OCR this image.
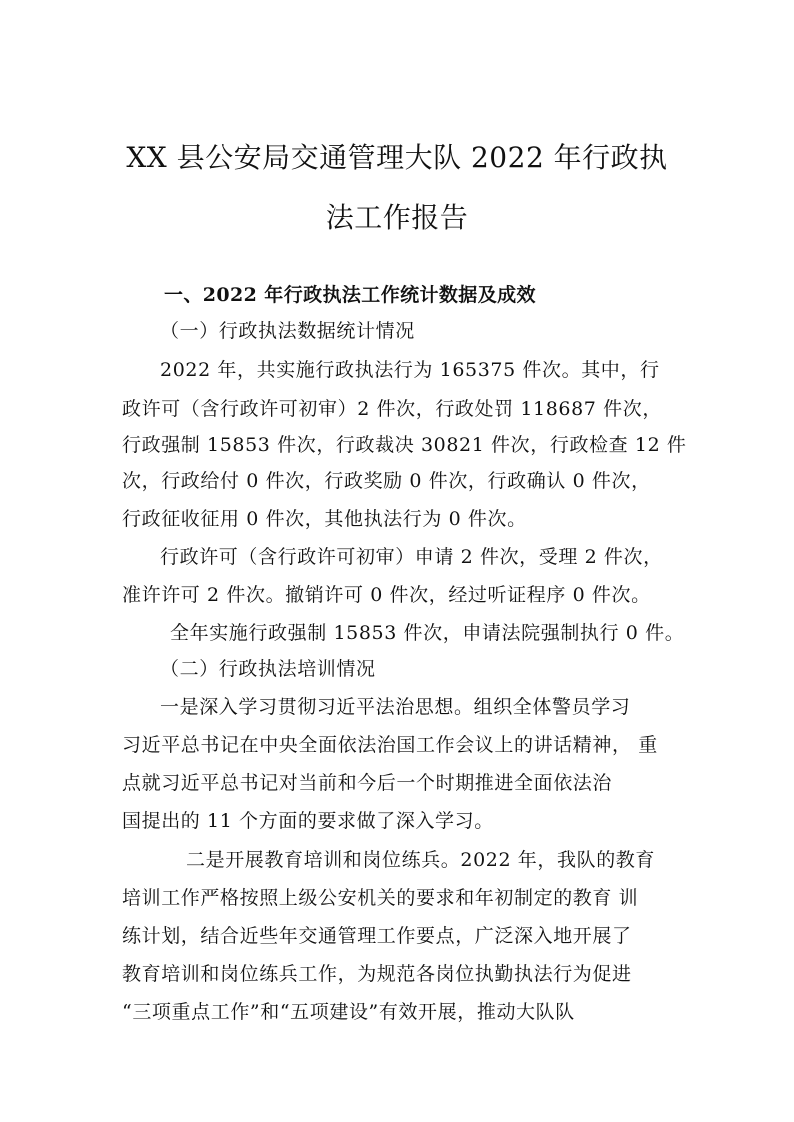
XX 县公安局交通管理大队 2022 年行政执
法工作报告
一、2022 年行政执法工作统计数据及成效
（一）行政执法数据统计情况
2022 年，共实施行政执法行为 165375 件次。其中，行
政许可（含行政许可初审）2 件次，行政处罚 118687 件次，
行政强制 15853 件次，行政裁决 30821 件次，行政检查 12 件
次，行政给付 0 件次，行政奖励 0 件次，行政确认 0 件次，
行政征收征用 0 件次，其他执法行为 0 件次。
行政许可（含行政许可初审）申请 2 件次，受理 2 件次，
准许许可 2 件次。撤销许可 0 件次，经过听证程序 0 件次。
全年实施行政强制 15853 件次，申请法院强制执行 0 件。
（二）行政执法培训情况
一是深入学习贯彻习近平法治思想。组织全体警员学习
习近平总书记在中央全面依法治国工作会议上的讲话精神， 重
点就习近平总书记对当前和今后一个时期推进全面依法治
国提出的 11 个方面的要求做了深入学习。
二是开展教育培训和岗位练兵。2022 年，我队的教育
培训工作严格按照上级公安机关的要求和年初制定的教育 训
练计划，结合近些年交通管理工作要点，广泛深入地开展了
教育培训和岗位练兵工作，为规范各岗位执勤执法行为促进
“三项重点工作”和“五项建设”有效开展，推动大队队
